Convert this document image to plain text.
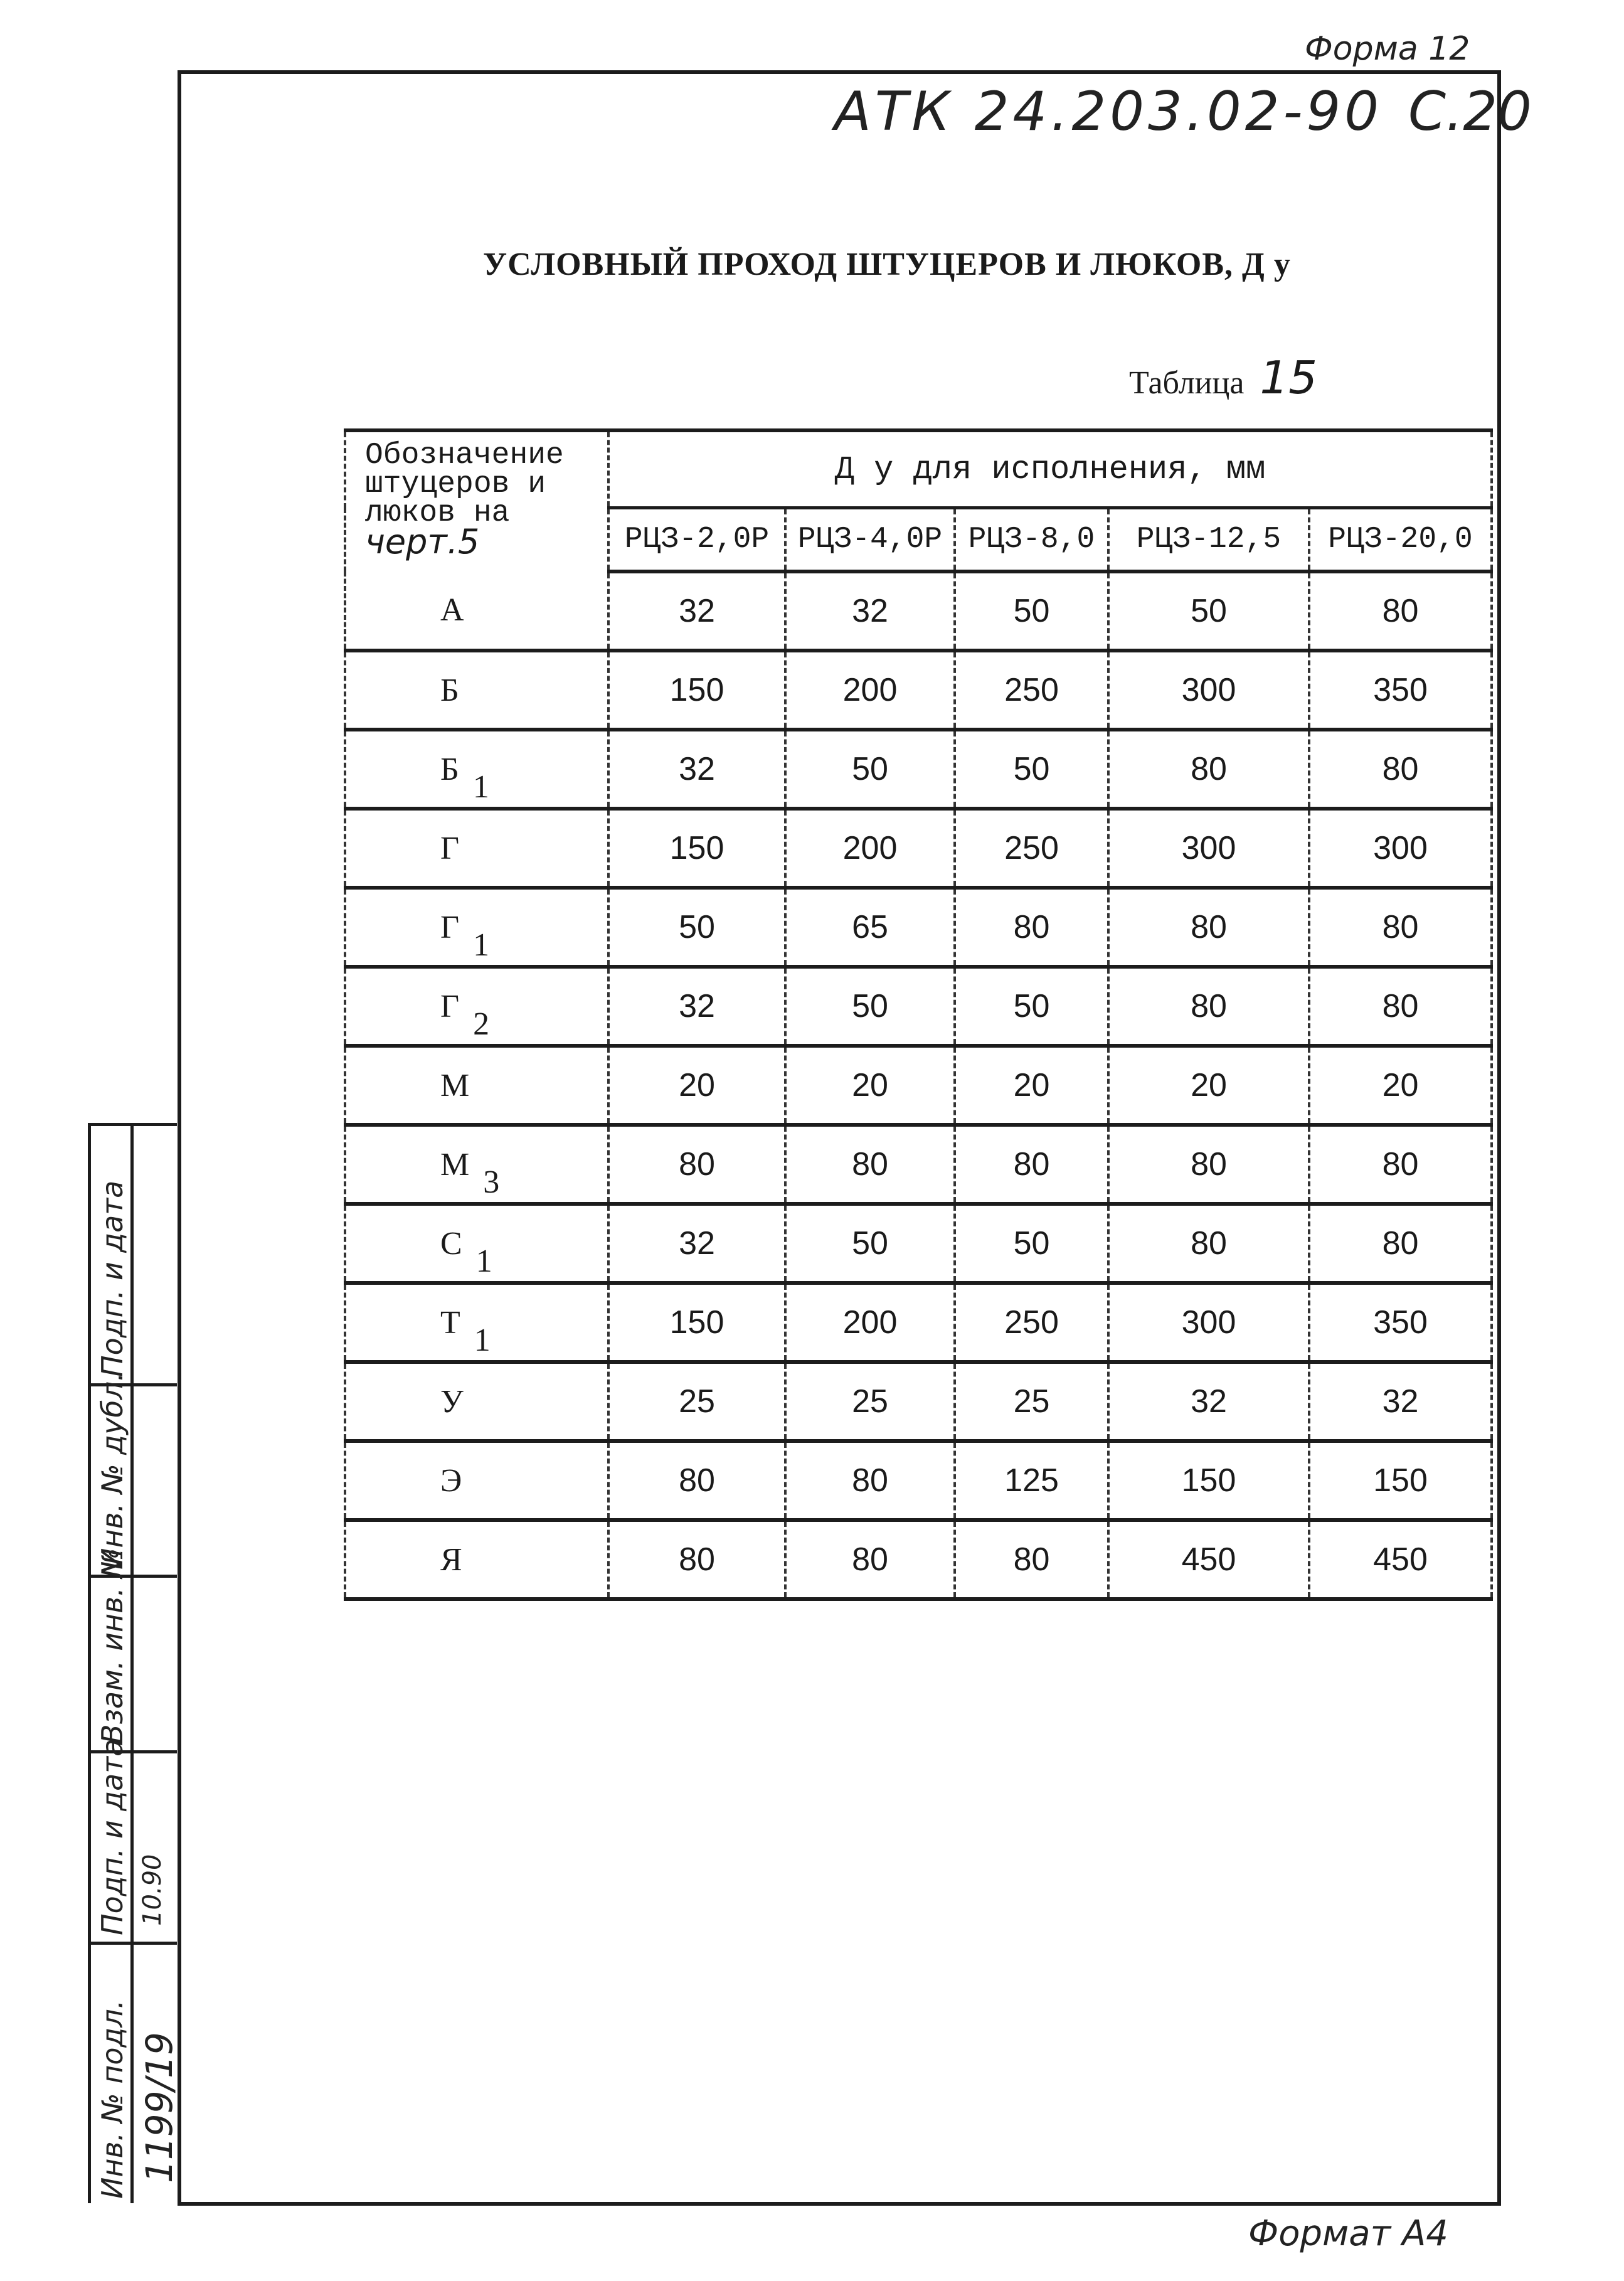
Форма 12
АТК 24.203.02-90 С.20
УСЛОВНЫЙ ПРОХОД ШТУЦЕРОВ И ЛЮКОВ, Д у
Таблица 15
Обозначение
штуцеров и
люков на
черт.5	Д у для исполнения, мм				
	РЦЗ-2,0Р	РЦЗ-4,0Р	РЦЗ-8,0	РЦЗ-12,5	РЦЗ-20,0
А	32	32	50	50	80
Б	150	200	250	300	350
Б 1	32	50	50	80	80
Г	150	200	250	300	300
Г 1	50	65	80	80	80
Г 2	32	50	50	80	80
М	20	20	20	20	20
М 3	80	80	80	80	80
С 1	32	50	50	80	80
Т 1	150	200	250	300	350
У	25	25	25	32	32
Э	80	80	125	150	150
Я	80	80	80	450	450
Подп. и дата
Инв. № дубл.
Взам. инв. №
Подп. и дата
Инв. № подл.
10.90
1199/19
Формат А4
